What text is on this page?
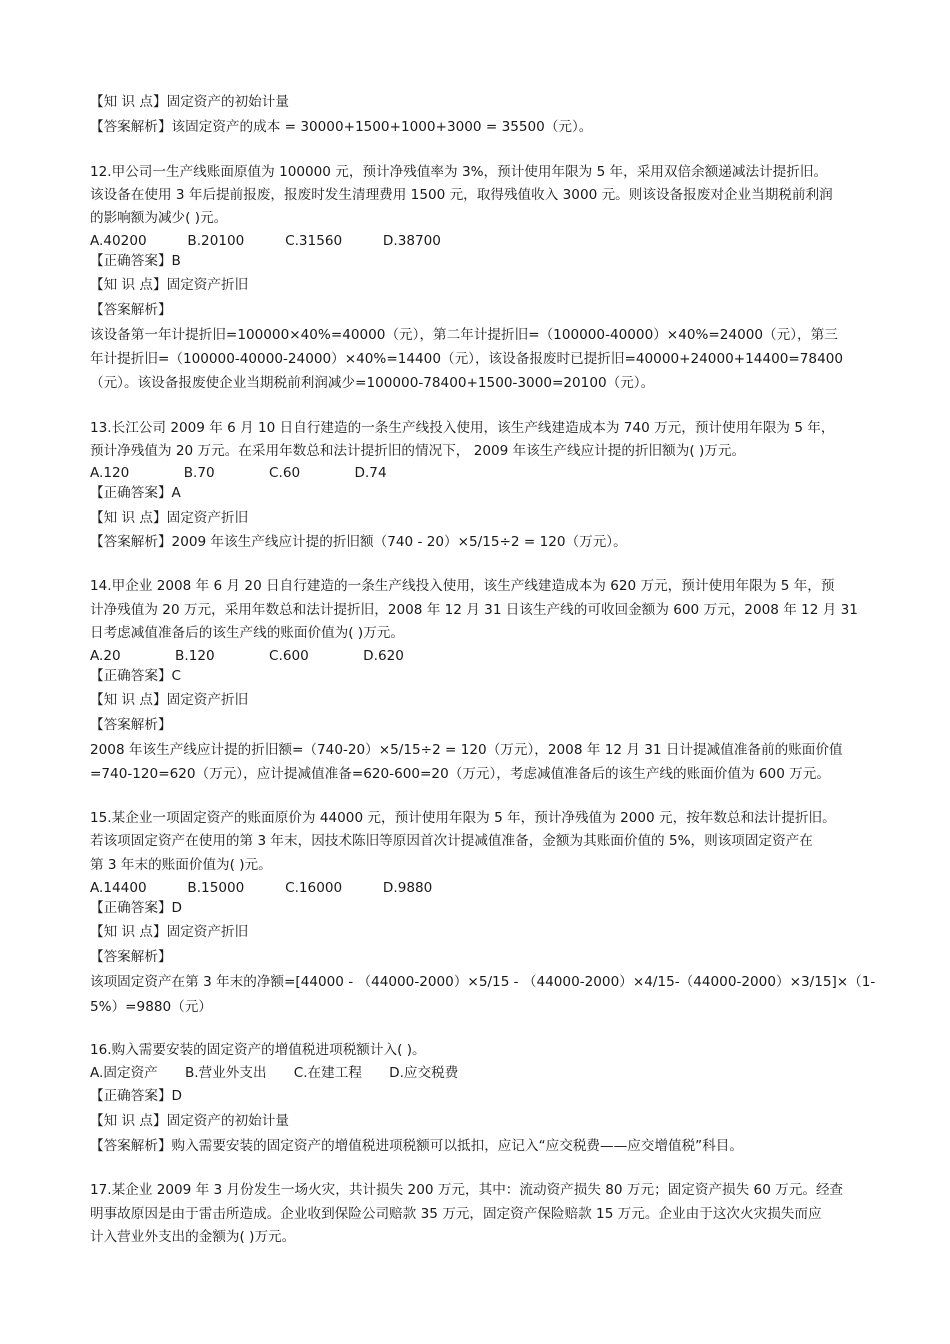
【知 识 点】固定资产的初始计量
【答案解析】该固定资产的成本 = 30000+1500+1000+3000 = 35500（元）。
12.甲公司一生产线账面原值为 100000 元，预计净残值率为 3%，预计使用年限为 5 年，采用双倍余额递减法计提折旧。
该设备在使用 3 年后提前报废，报废时发生清理费用 1500 元，取得残值收入 3000 元。则该设备报废对企业当期税前利润
的影响额为减少( )元。
A.40200　　　B.20100　　　C.31560　　　D.38700
【正确答案】B
【知 识 点】固定资产折旧
【答案解析】
该设备第一年计提折旧=100000×40%=40000（元），第二年计提折旧=（100000-40000）×40%=24000（元），第三
年计提折旧=（100000-40000-24000）×40%=14400（元），该设备报废时已提折旧=40000+24000+14400=78400
（元）。该设备报废使企业当期税前利润减少=100000-78400+1500-3000=20100（元）。
13.长江公司 2009 年 6 月 10 日自行建造的一条生产线投入使用，该生产线建造成本为 740 万元，预计使用年限为 5 年，
预计净残值为 20 万元。在采用年数总和法计提折旧的情况下， 2009 年该生产线应计提的折旧额为( )万元。
A.120　　　　B.70　　　　C.60　　　　D.74
【正确答案】A
【知 识 点】固定资产折旧
【答案解析】2009 年该生产线应计提的折旧额（740 - 20）×5/15÷2 = 120（万元）。
14.甲企业 2008 年 6 月 20 日自行建造的一条生产线投入使用，该生产线建造成本为 620 万元，预计使用年限为 5 年，预
计净残值为 20 万元，采用年数总和法计提折旧，2008 年 12 月 31 日该生产线的可收回金额为 600 万元，2008 年 12 月 31
日考虑减值准备后的该生产线的账面价值为( )万元。
A.20　　　　B.120　　　　C.600　　　　D.620
【正确答案】C
【知 识 点】固定资产折旧
【答案解析】
2008 年该生产线应计提的折旧额=（740-20）×5/15÷2 = 120（万元），2008 年 12 月 31 日计提减值准备前的账面价值
=740-120=620（万元），应计提减值准备=620-600=20（万元），考虑减值准备后的该生产线的账面价值为 600 万元。
15.某企业一项固定资产的账面原价为 44000 元，预计使用年限为 5 年，预计净残值为 2000 元，按年数总和法计提折旧。
若该项固定资产在使用的第 3 年末，因技术陈旧等原因首次计提减值准备，金额为其账面价值的 5%，则该项固定资产在
第 3 年末的账面价值为( )元。
A.14400　　　B.15000　　　C.16000　　　D.9880
【正确答案】D
【知 识 点】固定资产折旧
【答案解析】
该项固定资产在第 3 年末的净额=[44000 - （44000-2000）×5/15 - （44000-2000）×4/15-（44000-2000）×3/15]×（1-
5%）=9880（元）
16.购入需要安装的固定资产的增值税进项税额计入( )。
A.固定资产　　B.营业外支出　　C.在建工程　　D.应交税费
【正确答案】D
【知 识 点】固定资产的初始计量
【答案解析】购入需要安装的固定资产的增值税进项税额可以抵扣，应记入“应交税费——应交增值税”科目。
17.某企业 2009 年 3 月份发生一场火灾，共计损失 200 万元，其中：流动资产损失 80 万元；固定资产损失 60 万元。经查
明事故原因是由于雷击所造成。企业收到保险公司赔款 35 万元，固定资产保险赔款 15 万元。企业由于这次火灾损失而应
计入营业外支出的金额为( )万元。
